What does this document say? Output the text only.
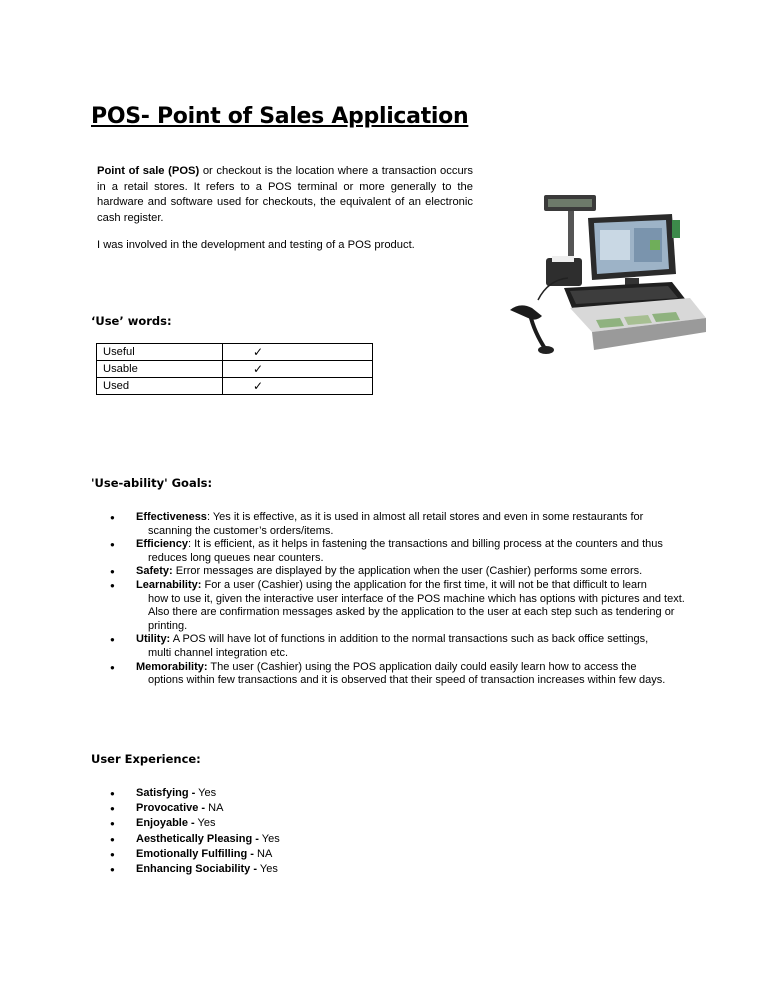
POS- Point of Sales Application

Point of sale (POS) or checkout is the location where a transaction occurs in a retail stores. It refers to a POS terminal or more generally to the hardware and software used for checkouts, the equivalent of an electronic cash register.

I was involved in the development and testing of a POS product.

‘Use’ words:
Useful	✓
Usable	✓
Used	✓
'Use-ability' Goals:
● Effectiveness: Yes it is effective, as it is used in almost all retail stores and even in some restaurants for
scanning the customer’s orders/items.
● Efficiency: It is efficient, as it helps in fastening the transactions and billing process at the counters and thus
reduces long queues near counters.
● Safety: Error messages are displayed by the application when the user (Cashier) performs some errors.
● Learnability: For a user (Cashier) using the application for the first time, it will not be that difficult to learn
how to use it, given the interactive user interface of the POS machine which has options with pictures and text. Also there are confirmation messages asked by the application to the user at each step such as tendering or printing.
● Utility: A POS will have lot of functions in addition to the normal transactions such as back office settings,
multi channel integration etc.
● Memorability: The user (Cashier) using the POS application daily could easily learn how to access the
options within few transactions and it is observed that their speed of transaction increases within few days.
User Experience:
● Satisfying - Yes
● Provocative - NA
● Enjoyable - Yes
● Aesthetically Pleasing - Yes
● Emotionally Fulfilling - NA
● Enhancing Sociability - Yes
